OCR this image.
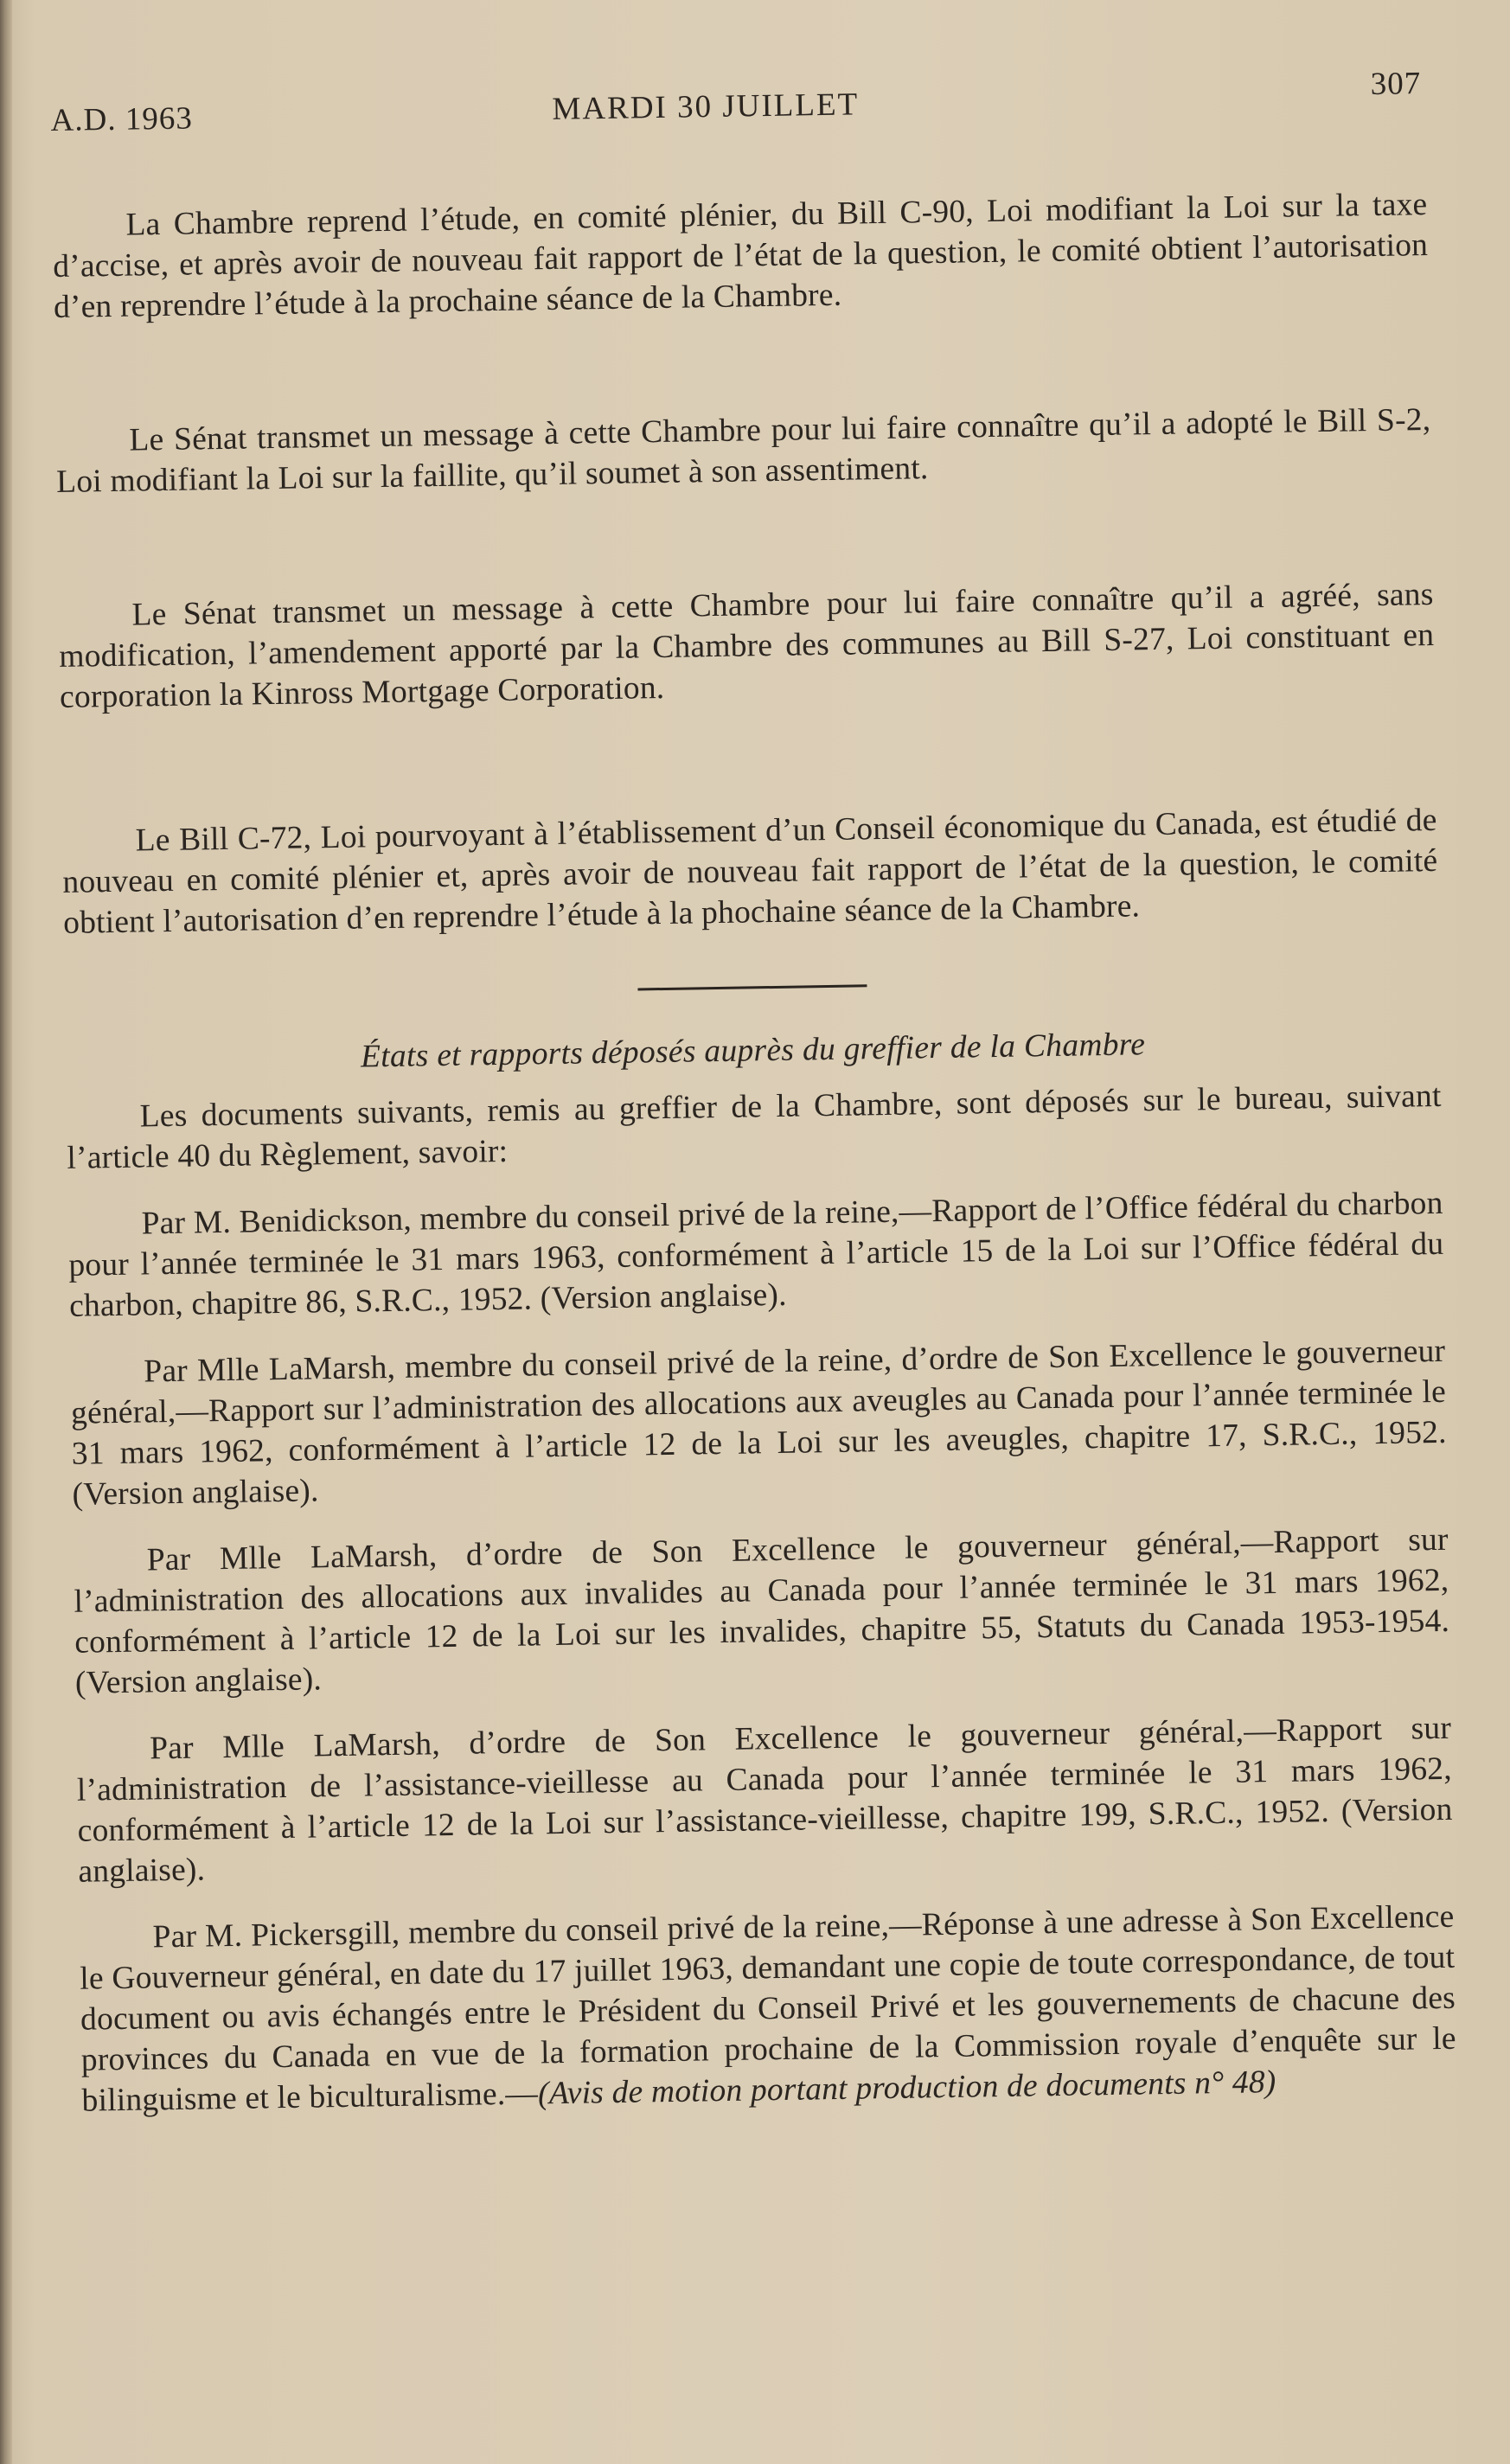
A.D. 1963	MARDI 30 JUILLET
307

La Chambre reprend l’étude, en comité plénier, du Bill C-90, Loi modifiant la Loi sur la taxe d’accise, et après avoir de nouveau fait rapport de l’état de la question, le comité obtient l’autorisation d’en reprendre l’étude à la prochaine séance de la Chambre.

Le Sénat transmet un message à cette Chambre pour lui faire connaître qu’il a adopté le Bill S-2, Loi modifiant la Loi sur la faillite, qu’il soumet à son assentiment.

Le Sénat transmet un message à cette Chambre pour lui faire connaître qu’il a agréé, sans modification, l’amendement apporté par la Chambre des communes au Bill S-27, Loi constituant en corporation la Kinross Mortgage Corporation.

Le Bill C-72, Loi pourvoyant à l’établissement d’un Conseil économique du Canada, est étudié de nouveau en comité plénier et, après avoir de nouveau fait rapport de l’état de la question, le comité obtient l’autorisation d’en reprendre l’étude à la phochaine séance de la Chambre.

États et rapports déposés auprès du greffier de la Chambre

Les documents suivants, remis au greffier de la Chambre, sont déposés sur le bureau, suivant l’article 40 du Règlement, savoir:

Par M. Benidickson, membre du conseil privé de la reine,—Rapport de l’Office fédéral du charbon pour l’année terminée le 31 mars 1963, conformément à l’article 15 de la Loi sur l’Office fédéral du charbon, chapitre 86, S.R.C., 1952. (Version anglaise).

Par Mlle LaMarsh, membre du conseil privé de la reine, d’ordre de Son Excellence le gouverneur général,—Rapport sur l’administration des allocations aux aveugles au Canada pour l’année terminée le 31 mars 1962, conformément à l’article 12 de la Loi sur les aveugles, chapitre 17, S.R.C., 1952. (Version anglaise).

Par Mlle LaMarsh, d’ordre de Son Excellence le gouverneur général,—Rapport sur l’administration des allocations aux invalides au Canada pour l’année terminée le 31 mars 1962, conformément à l’article 12 de la Loi sur les invalides, chapitre 55, Statuts du Canada 1953-1954. (Version anglaise).

Par Mlle LaMarsh, d’ordre de Son Excellence le gouverneur général,—Rapport sur l’administration de l’assistance-vieillesse au Canada pour l’année terminée le 31 mars 1962, conformément à l’article 12 de la Loi sur l’assistance-vieillesse, chapitre 199, S.R.C., 1952. (Version anglaise).

Par M. Pickersgill, membre du conseil privé de la reine,—Réponse à une adresse à Son Excellence le Gouverneur général, en date du 17 juillet 1963, demandant une copie de toute correspondance, de tout document ou avis échangés entre le Président du Conseil Privé et les gouvernements de chacune des provinces du Canada en vue de la formation prochaine de la Commission royale d’enquête sur le bilinguisme et le biculturalisme.—(Avis de motion portant production de documents n° 48)
